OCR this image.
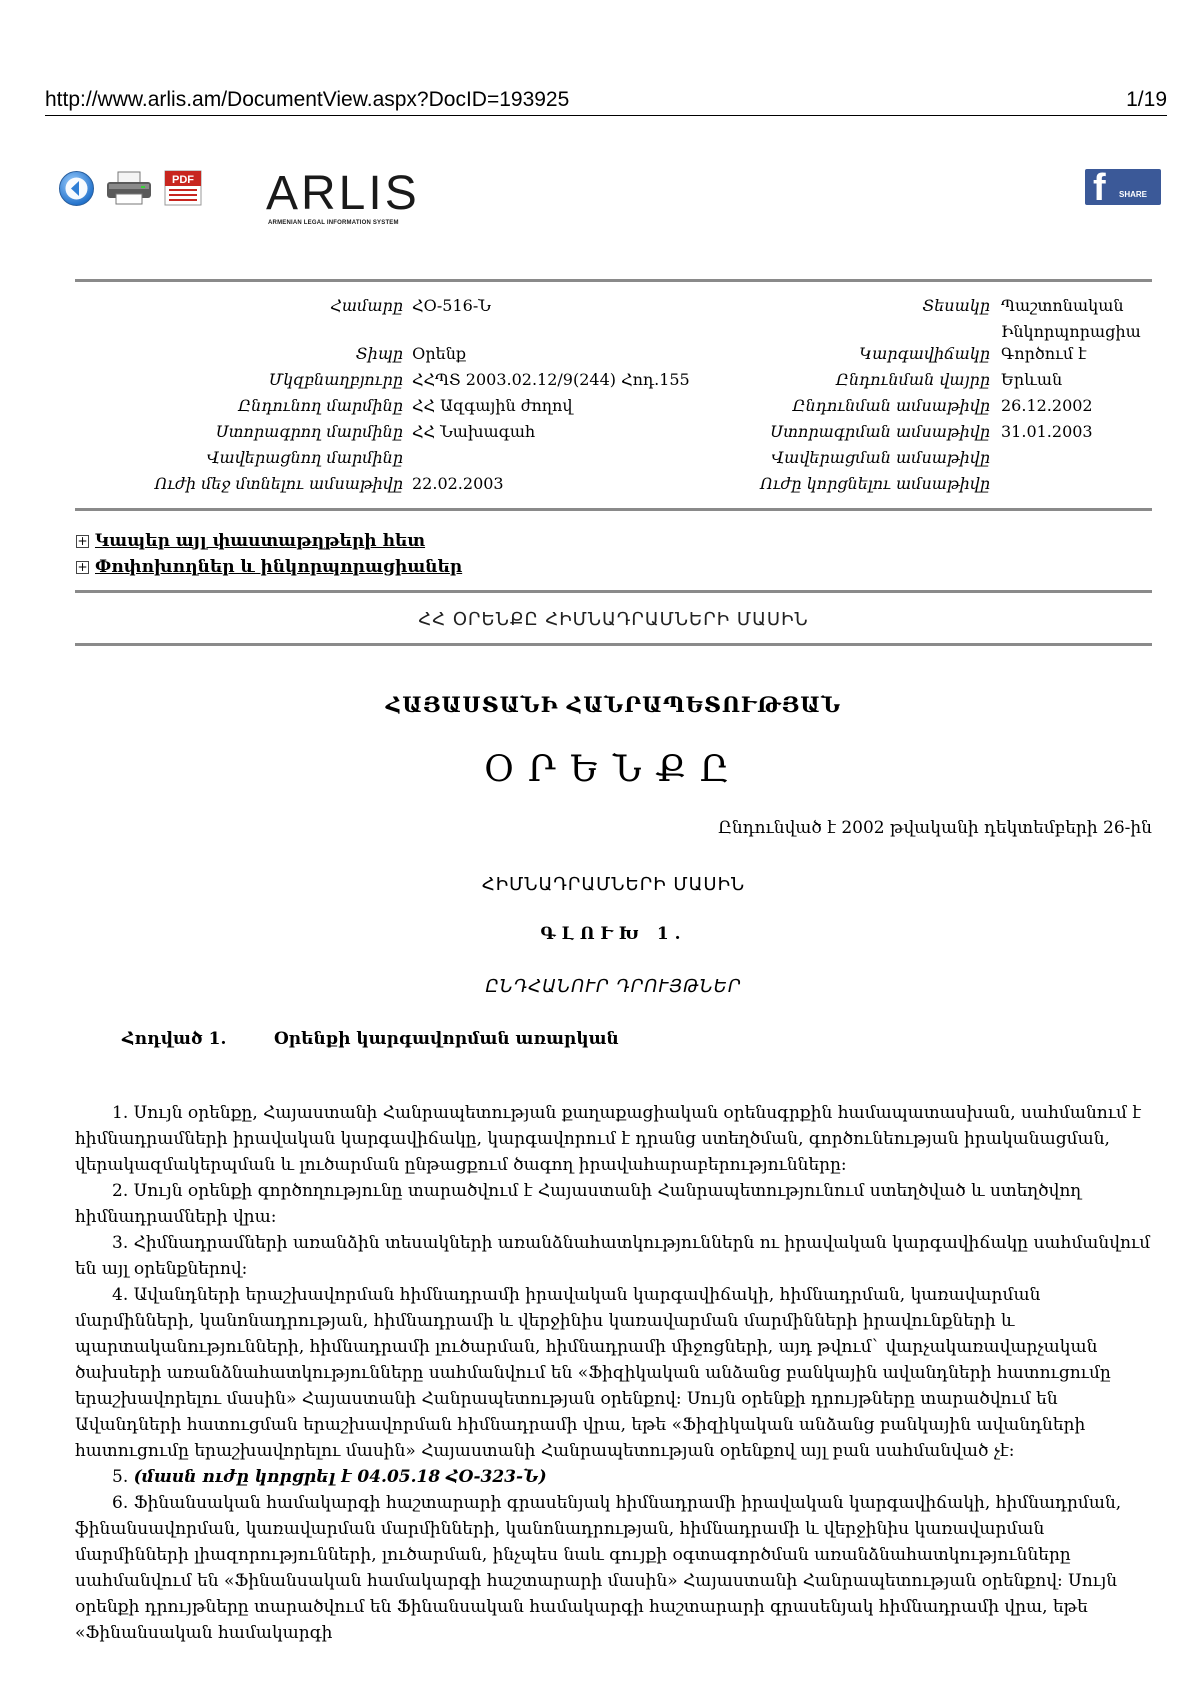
http://www.arlis.am/DocumentView.aspx?DocID=193925	1/19
PDF ARLIS
ARMENIAN LEGAL INFORMATION SYSTEM
f SHARE
Համարը ՀՕ-516-Ն
Տիպը Օրենք
Մկզբնաղբյուրը ՀՀՊՏ 2003.02.12/9(244) Հոդ.155
Ընդունող մարմինը ՀՀ Ազգային ժողով
Ստորագրող մարմինը ՀՀ Նախագահ
Վավերացնող մարմինը
Ուժի մեջ մտնելու ամսաթիվը 22.02.2003
Տեսակը Պաշտոնական
Ինկորպորացիա
Կարգավիճակը Գործում է
Ընդունման վայրը Երևան
Ընդունման ամսաթիվը 26.12.2002
Ստորագրման ամսաթիվը 31.01.2003
Վավերացման ամսաթիվը
Ուժը կորցնելու ամսաթիվը
+ Կապեր այլ փաստաթղթերի հետ
+ Փոփոխողներ և ինկորպորացիաներ
ՀՀ ՕՐԵՆՔԸ ՀԻՄՆԱԴՐԱՄՆԵՐԻ ՄԱՍԻՆ
ՀԱՅԱՍՏԱՆԻ ՀԱՆՐԱՊԵՏՈՒԹՅԱՆ
ՕՐԵՆՔԸ
Ընդունված է 2002 թվականի դեկտեմբերի 26-ին
ՀԻՄՆԱԴՐԱՄՆԵՐԻ ՄԱՍԻՆ
ԳԼՈՒԽ 1.
ԸՆԴՀԱՆՈՒՐ ԴՐՈՒՅԹՆԵՐ
Հոդված 1.	Օրենքի կարգավորման առարկան

1. Սույն օրենքը, Հայաստանի Հանրապետության քաղաքացիական օրենսգրքին համապատասխան, սահմանում է հիմնադրամների իրավական կարգավիճակը, կարգավորում է դրանց ստեղծման, գործունեության իրականացման, վերակազմակերպման և լուծարման ընթացքում ծագող իրավահարաբերությունները:

2. Սույն օրենքի գործողությունը տարածվում է Հայաստանի Հանրապետությունում ստեղծված և ստեղծվող հիմնադրամների վրա:

3. Հիմնադրամների առանձին տեսակների առանձնահատկություններն ու իրավական կարգավիճակը սահմանվում են այլ օրենքներով:

4. Ավանդների երաշխավորման հիմնադրամի իրավական կարգավիճակի, հիմնադրման, կառավարման մարմինների, կանոնադրության, հիմնադրամի և վերջինիս կառավարման մարմինների իրավունքների և պարտականությունների, հիմնադրամի լուծարման, հիմնադրամի միջոցների, այդ թվում` վարչակառավարչական ծախսերի առանձնահատկությունները սահմանվում են «Ֆիզիկական անձանց բանկային ավանդների հատուցումը երաշխավորելու մասին» Հայաստանի Հանրապետության օրենքով: Սույն օրենքի դրույթները տարածվում են Ավանդների հատուցման երաշխավորման հիմնադրամի վրա, եթե «Ֆիզիկական անձանց բանկային ավանդների հատուցումը երաշխավորելու մասին» Հայաստանի Հանրապետության օրենքով այլ բան սահմանված չէ:

5. (մասն ուժը կորցրել է 04.05.18 ՀՕ-323-Ն)

6. Ֆինանսական համակարգի հաշտարարի գրասենյակ հիմնադրամի իրավական կարգավիճակի, հիմնադրման, ֆինանսավորման, կառավարման մարմինների, կանոնադրության, հիմնադրամի և վերջինիս կառավարման մարմինների լիազորությունների, լուծարման, ինչպես նաև գույքի օգտագործման առանձնահատկությունները սահմանվում են «Ֆինանսական համակարգի հաշտարարի մասին» Հայաստանի Հանրապետության օրենքով: Սույն օրենքի դրույթները տարածվում են Ֆինանսական համակարգի հաշտարարի գրասենյակ հիմնադրամի վրա, եթե «Ֆինանսական համակարգի
